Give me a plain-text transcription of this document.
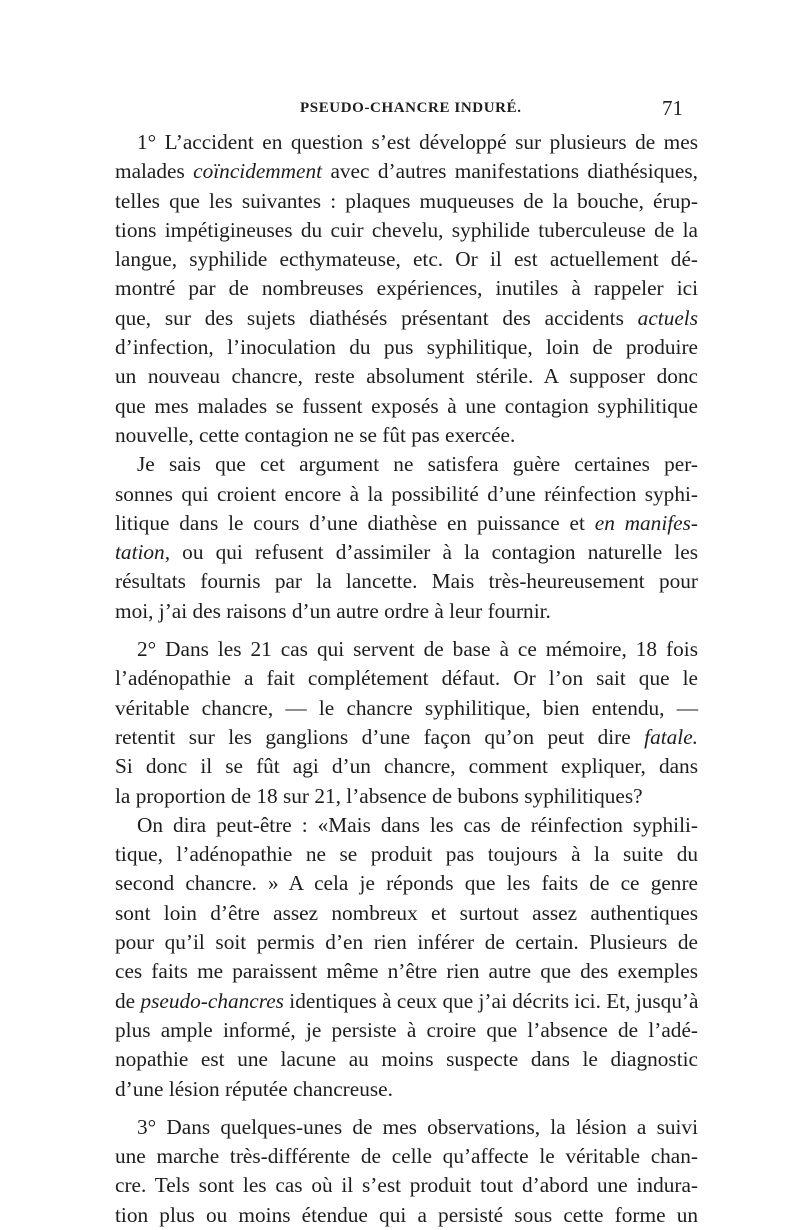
PSEUDO-CHANCRE INDURÉ.	71
1° L’accident en question s’est développé sur plusieurs de mes
malades coïncidemment avec d’autres manifestations diathésiques,
telles que les suivantes : plaques muqueuses de la bouche, érup-
tions impétigineuses du cuir chevelu, syphilide tuberculeuse de la
langue, syphilide ecthymateuse, etc. Or il est actuellement dé-
montré par de nombreuses expériences, inutiles à rappeler ici
que, sur des sujets diathésés présentant des accidents actuels
d’infection, l’inoculation du pus syphilitique, loin de produire
un nouveau chancre, reste absolument stérile. A supposer donc
que mes malades se fussent exposés à une contagion syphilitique
nouvelle, cette contagion ne se fût pas exercée.
Je sais que cet argument ne satisfera guère certaines per-
sonnes qui croient encore à la possibilité d’une réinfection syphi-
litique dans le cours d’une diathèse en puissance et en manifes-
tation, ou qui refusent d’assimiler à la contagion naturelle les
résultats fournis par la lancette. Mais très-heureusement pour
moi, j’ai des raisons d’un autre ordre à leur fournir.
2° Dans les 21 cas qui servent de base à ce mémoire, 18 fois
l’adénopathie a fait complétement défaut. Or l’on sait que le
véritable chancre, — le chancre syphilitique, bien entendu, —
retentit sur les ganglions d’une façon qu’on peut dire fatale.
Si donc il se fût agi d’un chancre, comment expliquer, dans
la proportion de 18 sur 21, l’absence de bubons syphilitiques?
On dira peut-être : «Mais dans les cas de réinfection syphili-
tique, l’adénopathie ne se produit pas toujours à la suite du
second chancre. » A cela je réponds que les faits de ce genre
sont loin d’être assez nombreux et surtout assez authentiques
pour qu’il soit permis d’en rien inférer de certain. Plusieurs de
ces faits me paraissent même n’être rien autre que des exemples
de pseudo-chancres identiques à ceux que j’ai décrits ici. Et, jusqu’à
plus ample informé, je persiste à croire que l’absence de l’adé-
nopathie est une lacune au moins suspecte dans le diagnostic
d’une lésion réputée chancreuse.
3° Dans quelques-unes de mes observations, la lésion a suivi
une marche très-différente de celle qu’affecte le véritable chan-
cre. Tels sont les cas où il s’est produit tout d’abord une indura-
tion plus ou moins étendue qui a persisté sous cette forme un
